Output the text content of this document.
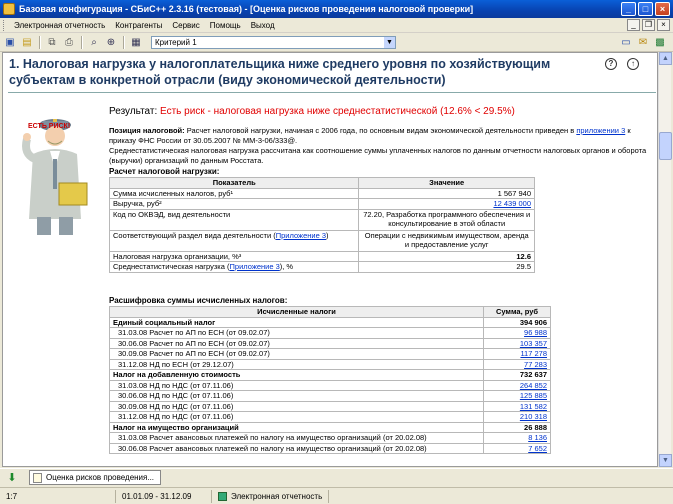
Базовая конфигурация - СБиС++ 2.3.16 (тестовая) - [Оценка рисков проведения налоговой проверки]	_	□	×
Электронная отчетность	Контрагенты	Сервис	Помощь	Выход	_	❐	×
▣ ▤	⧉ ⎙	⌕	⊕	▦	Критерий 1	▼	▭ ✉ ▩
1. Налоговая нагрузка у налогоплательщика ниже среднего уровня по хозяйствующим субъектам в конкретной отрасли (виду экономической деятельности)
?	↑
ЕСТЬ РИСК!
Результат: Есть риск - налоговая нагрузка ниже среднестатистической (12.6% < 29.5%)
Позиция налоговой: Расчет налоговой нагрузки, начиная с 2006 года, по основным видам экономической деятельности приведен в приложении 3 к приказу ФНС России от 30.05.2007 № ММ-3-06/333@.
Среднестатистическая налоговая нагрузка рассчитана как соотношение суммы уплаченных налогов по данным отчетности налоговых органов и оборота (выручки) организаций по данным Росстата.
Расчет налоговой нагрузки:
Показатель	Значение
Сумма исчисленных налогов, руб¹	1 567 940
Выручка, руб²	12 439 000
Код по ОКВЭД, вид деятельности	72.20, Разработка программного обеспечения и консультирование в этой области
Соответствующий раздел вида деятельности (Приложение 3)	Операции с недвижимым имуществом, аренда и предоставление услуг
Налоговая нагрузка организации, %³	12.6
Среднестатистическая нагрузка (Приложение 3), %	29.5
Расшифровка суммы исчисленных налогов:
Исчисленные налоги	Сумма, руб
Единый социальный налог	394 906
31.03.08 Расчет по АП по ЕСН (от 09.02.07)	96 988
30.06.08 Расчет по АП по ЕСН (от 09.02.07)	103 357
30.09.08 Расчет по АП по ЕСН (от 09.02.07)	117 278
31.12.08 НД по ЕСН (от 29.12.07)	77 283
Налог на добавленную стоимость	732 637
31.03.08 НД по НДС (от 07.11.06)	264 852
30.06.08 НД по НДС (от 07.11.06)	125 885
30.09.08 НД по НДС (от 07.11.06)	131 582
31.12.08 НД по НДС (от 07.11.06)	210 318
Налог на имущество организаций	26 888
31.03.08 Расчет авансовых платежей по налогу на имущество организаций (от 20.02.08)	8 136
30.06.08 Расчет авансовых платежей по налогу на имущество организаций (от 20.02.08)	7 652
▲
▼
⬇	Оценка рисков проведения...
1:7	01.01.09 - 31.12.09	Электронная отчетность
